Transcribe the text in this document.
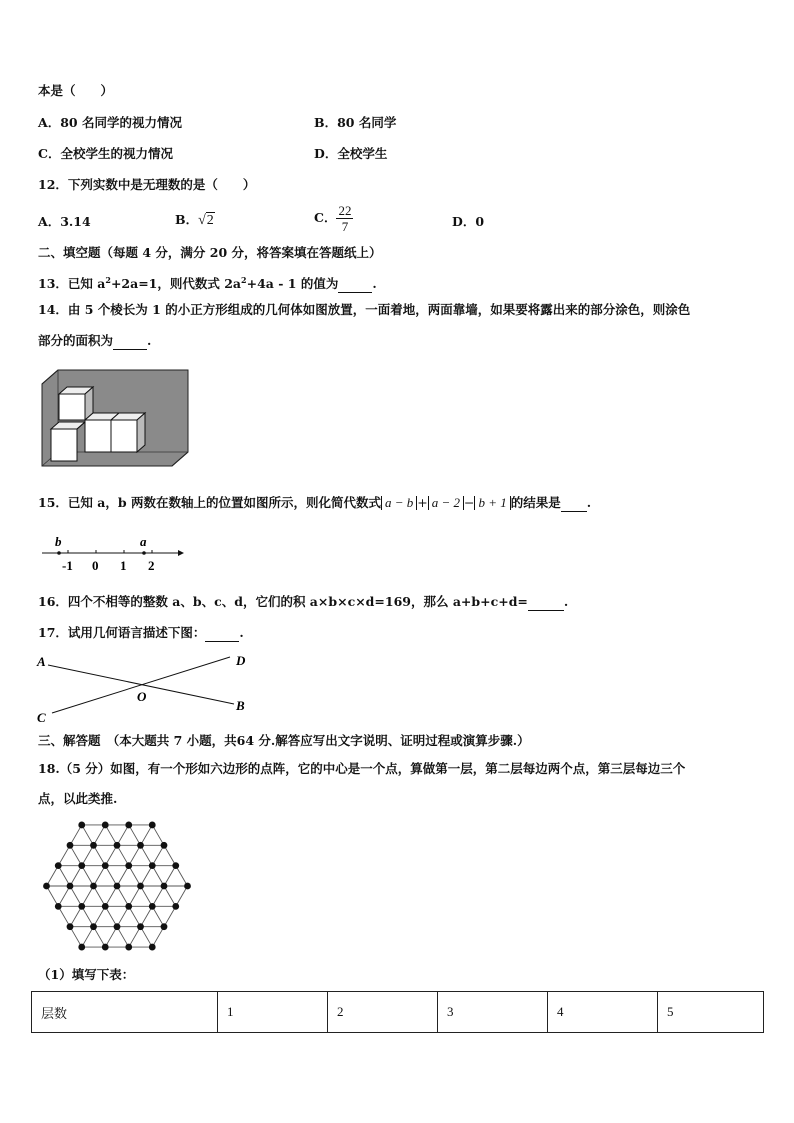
本是（　　）
A．80 名同学的视力情况	B．80 名同学
C．全校学生的视力情况	D．全校学生
12．下列实数中是无理数的是（　　）
A．3.14	B．√2	C． $\frac{22}{7}$	D．0
二、填空题（每题 4 分，满分 20 分，将答案填在答题纸上）
13．已知 $a^2+2a=1$，则代数式 $2a^2+4a - 1$ 的值为	.
14．由 5 个棱长为 1 的小正方形组成的几何体如图放置，一面着地，两面靠墙，如果要将露出来的部分涂色，则涂色
部分的面积为	.
15．已知 a，b 两数在数轴上的位置如图所示，则化简代数式 a − b + a − 2 − b + 1 的结果是 .
b	a
-1 0 1 2
16．四个不相等的整数 a、b、c、d，它们的积 a×b×c×d=169，那么 a+b+c+d=	.
17．试用几何语言描述下图：	.
A	D
O
B
C
三、解答题　（本大题共 7 小题，共64 分.解答应写出文字说明、证明过程或演算步骤.）
18.（5 分）如图，有一个形如六边形的点阵，它的中心是一个点，算做第一层，第二层每边两个点，第三层每边三个
点，以此类推.
（1）填写下表：
层数	1	2	3	4	5
